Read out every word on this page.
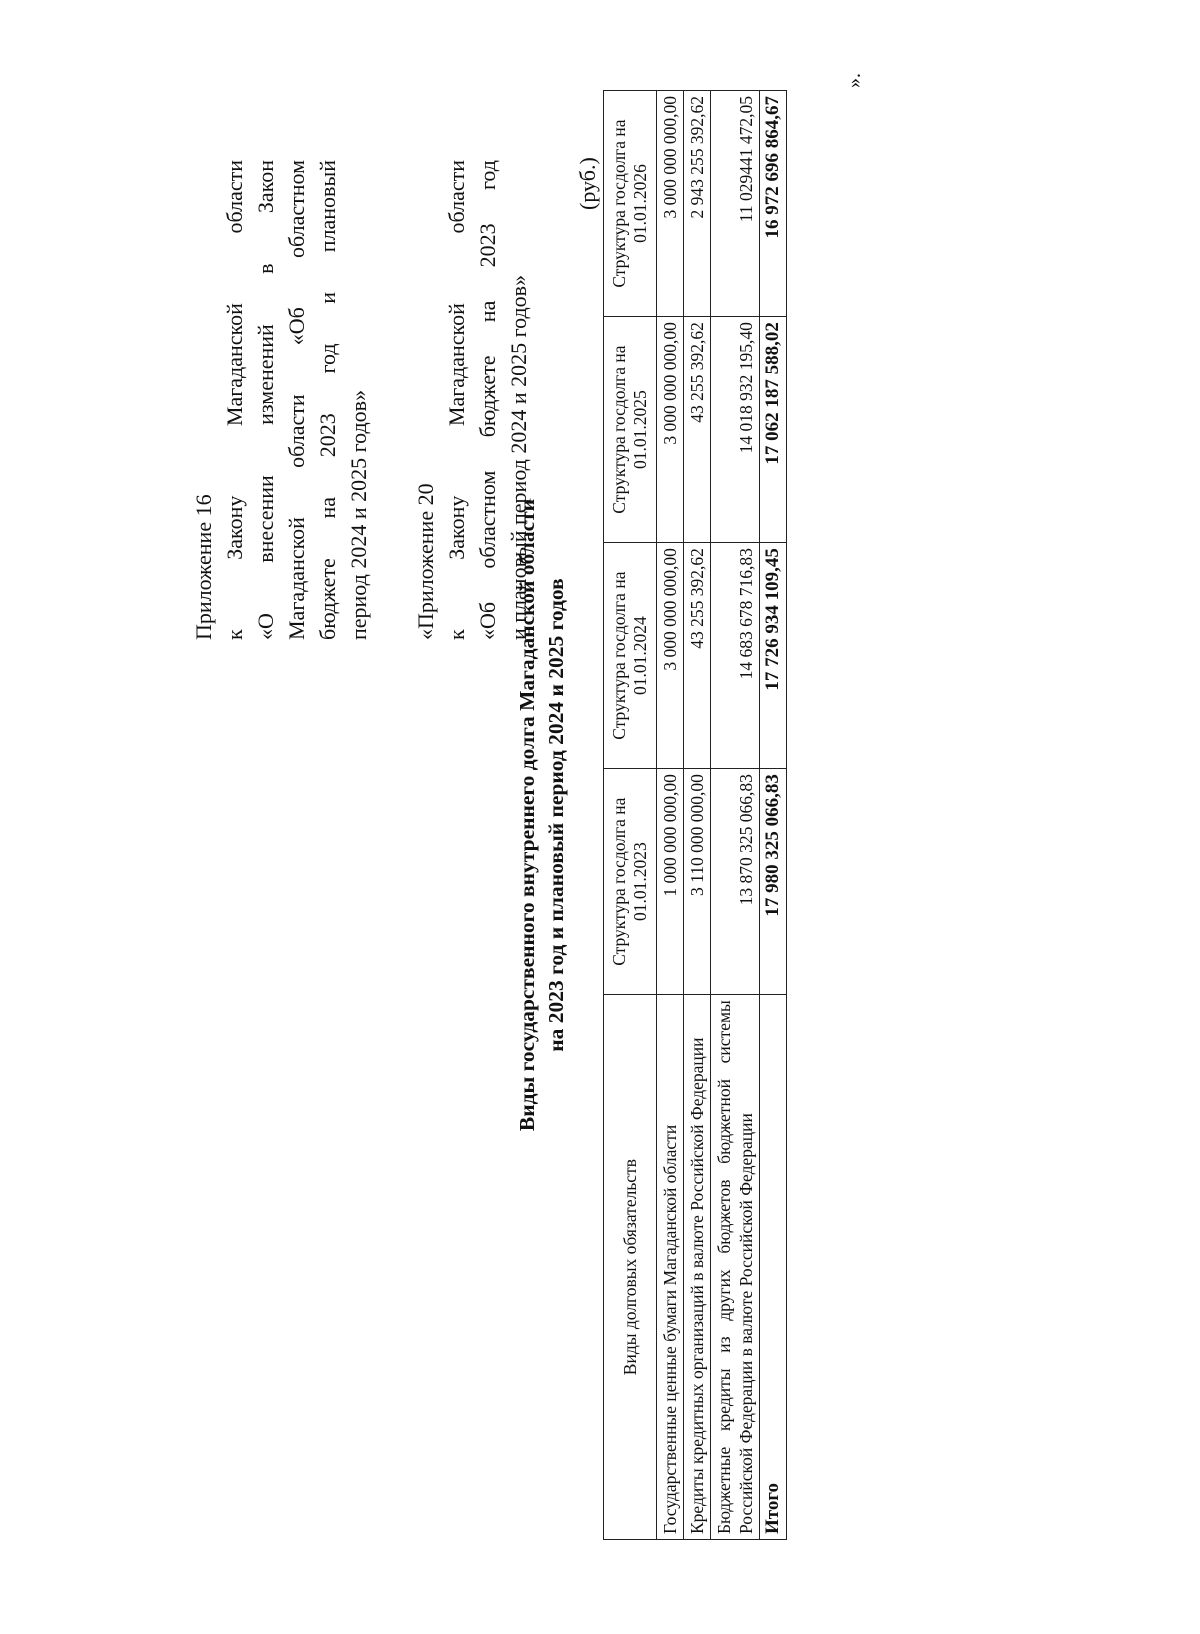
Приложение 16 к Закону Магаданской области «О внесении изменений в Закон Магаданской области «Об областном бюджете на 2023 год и плановый период 2024 и 2025 годов» «Приложение 20 к Закону Магаданской области «Об областном бюджете на 2023 год и плановый период 2024 и 2025 годов»
Виды государственного внутреннего долга Магаданской области на 2023 год и плановый период 2024 и 2025 годов
(руб.)
Виды долговых обязательств	Структура госдолга на 01.01.2023	Структура госдолга на 01.01.2024	Структура госдолга на 01.01.2025	Структура госдолга на 01.01.2026
Государственные ценные бумаги Магаданской области	1 000 000 000,00	3 000 000 000,00	3 000 000 000,00	3 000 000 000,00
Кредиты кредитных организаций в валюте Российской Федерации	3 110 000 000,00	43 255 392,62	43 255 392,62	2 943 255 392,62
Бюджетные кредиты из других бюджетов бюджетной системы Российской Федерации в валюте Российской Федерации	13 870 325 066,83	14 683 678 716,83	14 018 932 195,40	11 029441 472,05
Итого	17 980 325 066,83	17 726 934 109,45	17 062 187 588,02	16 972 696 864,67
».
